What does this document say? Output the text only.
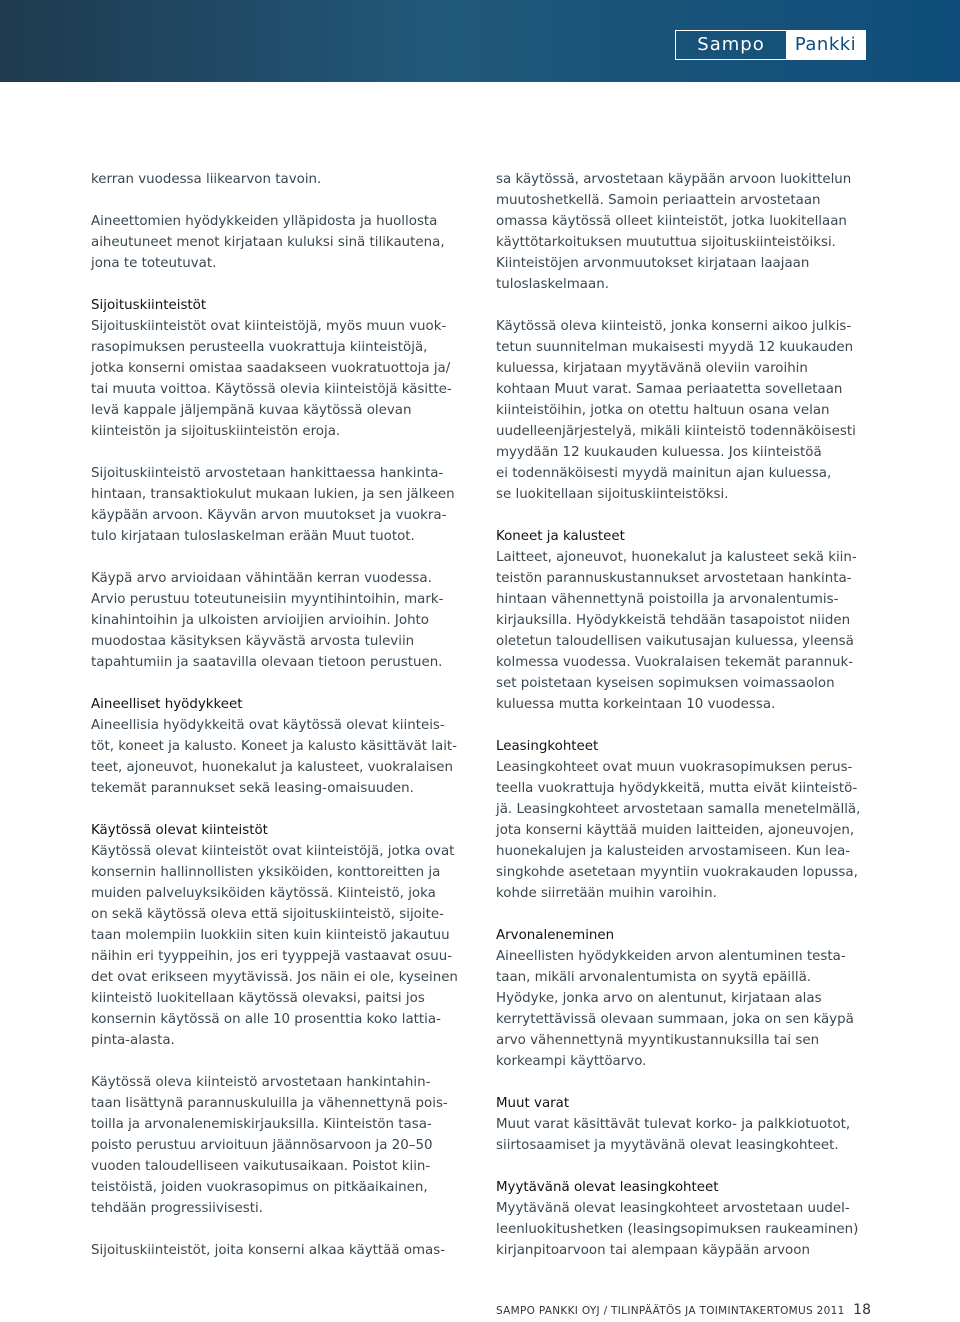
Sampo	Pankki

kerran vuodessa liikearvon tavoin.

Aineettomien hyödykkeiden ylläpidosta ja huollosta
aiheutuneet menot kirjataan kuluksi sinä tilikautena,
jona te toteutuvat.

Sijoituskiinteistöt
Sijoituskiinteistöt ovat kiinteistöjä, myös muun vuok-
rasopimuksen perusteella vuokrattuja kiinteistöjä,
jotka konserni omistaa saadakseen vuokratuottoja ja/
tai muuta voittoa. Käytössä olevia kiinteistöjä käsitte-
levä kappale jäljempänä kuvaa käytössä olevan
kiinteistön ja sijoituskiinteistön eroja.

Sijoituskiinteistö arvostetaan hankittaessa hankinta-
hintaan, transaktiokulut mukaan lukien, ja sen jälkeen
käypään arvoon. Käyvän arvon muutokset ja vuokra-
tulo kirjataan tuloslaskelman erään Muut tuotot.

Käypä arvo arvioidaan vähintään kerran vuodessa.
Arvio perustuu toteutuneisiin myyntihintoihin, mark-
kinahintoihin ja ulkoisten arvioijien arvioihin. Johto
muodostaa käsityksen käyvästä arvosta tuleviin
tapahtumiin ja saatavilla olevaan tietoon perustuen.

Aineelliset hyödykkeet
Aineellisia hyödykkeitä ovat käytössä olevat kiinteis-
töt, koneet ja kalusto. Koneet ja kalusto käsittävät lait-
teet, ajoneuvot, huonekalut ja kalusteet, vuokralaisen
tekemät parannukset sekä leasing-omaisuuden.

Käytössä olevat kiinteistöt
Käytössä olevat kiinteistöt ovat kiinteistöjä, jotka ovat
konsernin hallinnollisten yksiköiden, konttoreitten ja
muiden palveluyksiköiden käytössä. Kiinteistö, joka
on sekä käytössä oleva että sijoituskiinteistö, sijoite-
taan molempiin luokkiin siten kuin kiinteistö jakautuu
näihin eri tyyppeihin, jos eri tyyppejä vastaavat osuu-
det ovat erikseen myytävissä. Jos näin ei ole, kyseinen
kiinteistö luokitellaan käytössä olevaksi, paitsi jos
konsernin käytössä on alle 10 prosenttia koko lattia-
pinta-alasta.

Käytössä oleva kiinteistö arvostetaan hankintahin-
taan lisättynä parannuskuluilla ja vähennettynä pois-
toilla ja arvonalenemiskirjauksilla. Kiinteistön tasa-
poisto perustuu arvioituun jäännösarvoon ja 20–50
vuoden taloudelliseen vaikutusaikaan. Poistot kiin-
teistöistä, joiden vuokrasopimus on pitkäaikainen,
tehdään progressiivisesti.

Sijoituskiinteistöt, joita konserni alkaa käyttää omas-

sa käytössä, arvostetaan käypään arvoon luokittelun
muutoshetkellä. Samoin periaattein arvostetaan
omassa käytössä olleet kiinteistöt, jotka luokitellaan
käyttötarkoituksen muututtua sijoituskiinteistöiksi.
Kiinteistöjen arvonmuutokset kirjataan laajaan
tuloslaskelmaan.

Käytössä oleva kiinteistö, jonka konserni aikoo julkis-
tetun suunnitelman mukaisesti myydä 12 kuukauden
kuluessa, kirjataan myytävänä oleviin varoihin
kohtaan Muut varat. Samaa periaatetta sovelletaan
kiinteistöihin, jotka on otettu haltuun osana velan
uudelleenjärjestelyä, mikäli kiinteistö todennäköisesti
myydään 12 kuukauden kuluessa. Jos kiinteistöä
ei todennäköisesti myydä mainitun ajan kuluessa,
se luokitellaan sijoituskiinteistöksi.

Koneet ja kalusteet
Laitteet, ajoneuvot, huonekalut ja kalusteet sekä kiin-
teistön parannuskustannukset arvostetaan hankinta-
hintaan vähennettynä poistoilla ja arvonalentumis-
kirjauksilla. Hyödykkeistä tehdään tasapoistot niiden
oletetun taloudellisen vaikutusajan kuluessa, yleensä
kolmessa vuodessa. Vuokralaisen tekemät parannuk-
set poistetaan kyseisen sopimuksen voimassaolon
kuluessa mutta korkeintaan 10 vuodessa.

Leasingkohteet
Leasingkohteet ovat muun vuokrasopimuksen perus-
teella vuokrattuja hyödykkeitä, mutta eivät kiinteistö-
jä. Leasingkohteet arvostetaan samalla menetelmällä,
jota konserni käyttää muiden laitteiden, ajoneuvojen,
huonekalujen ja kalusteiden arvostamiseen. Kun lea-
singkohde asetetaan myyntiin vuokrakauden lopussa,
kohde siirretään muihin varoihin.

Arvonaleneminen
Aineellisten hyödykkeiden arvon alentuminen testa-
taan, mikäli arvonalentumista on syytä epäillä.
Hyödyke, jonka arvo on alentunut, kirjataan alas
kerrytettävissä olevaan summaan, joka on sen käypä
arvo vähennettynä myyntikustannuksilla tai sen
korkeampi käyttöarvo.

Muut varat
Muut varat käsittävät tulevat korko- ja palkkiotuotot,
siirtosaamiset ja myytävänä olevat leasingkohteet.

Myytävänä olevat leasingkohteet
Myytävänä olevat leasingkohteet arvostetaan uudel-
leenluokitushetken (leasingsopimuksen raukeaminen)
kirjanpitoarvoon tai alempaan käypään arvoon

SAMPO PANKKI OYJ / TILINPÄÄTÖS JA TOIMINTAKERTOMUS 2011 18
